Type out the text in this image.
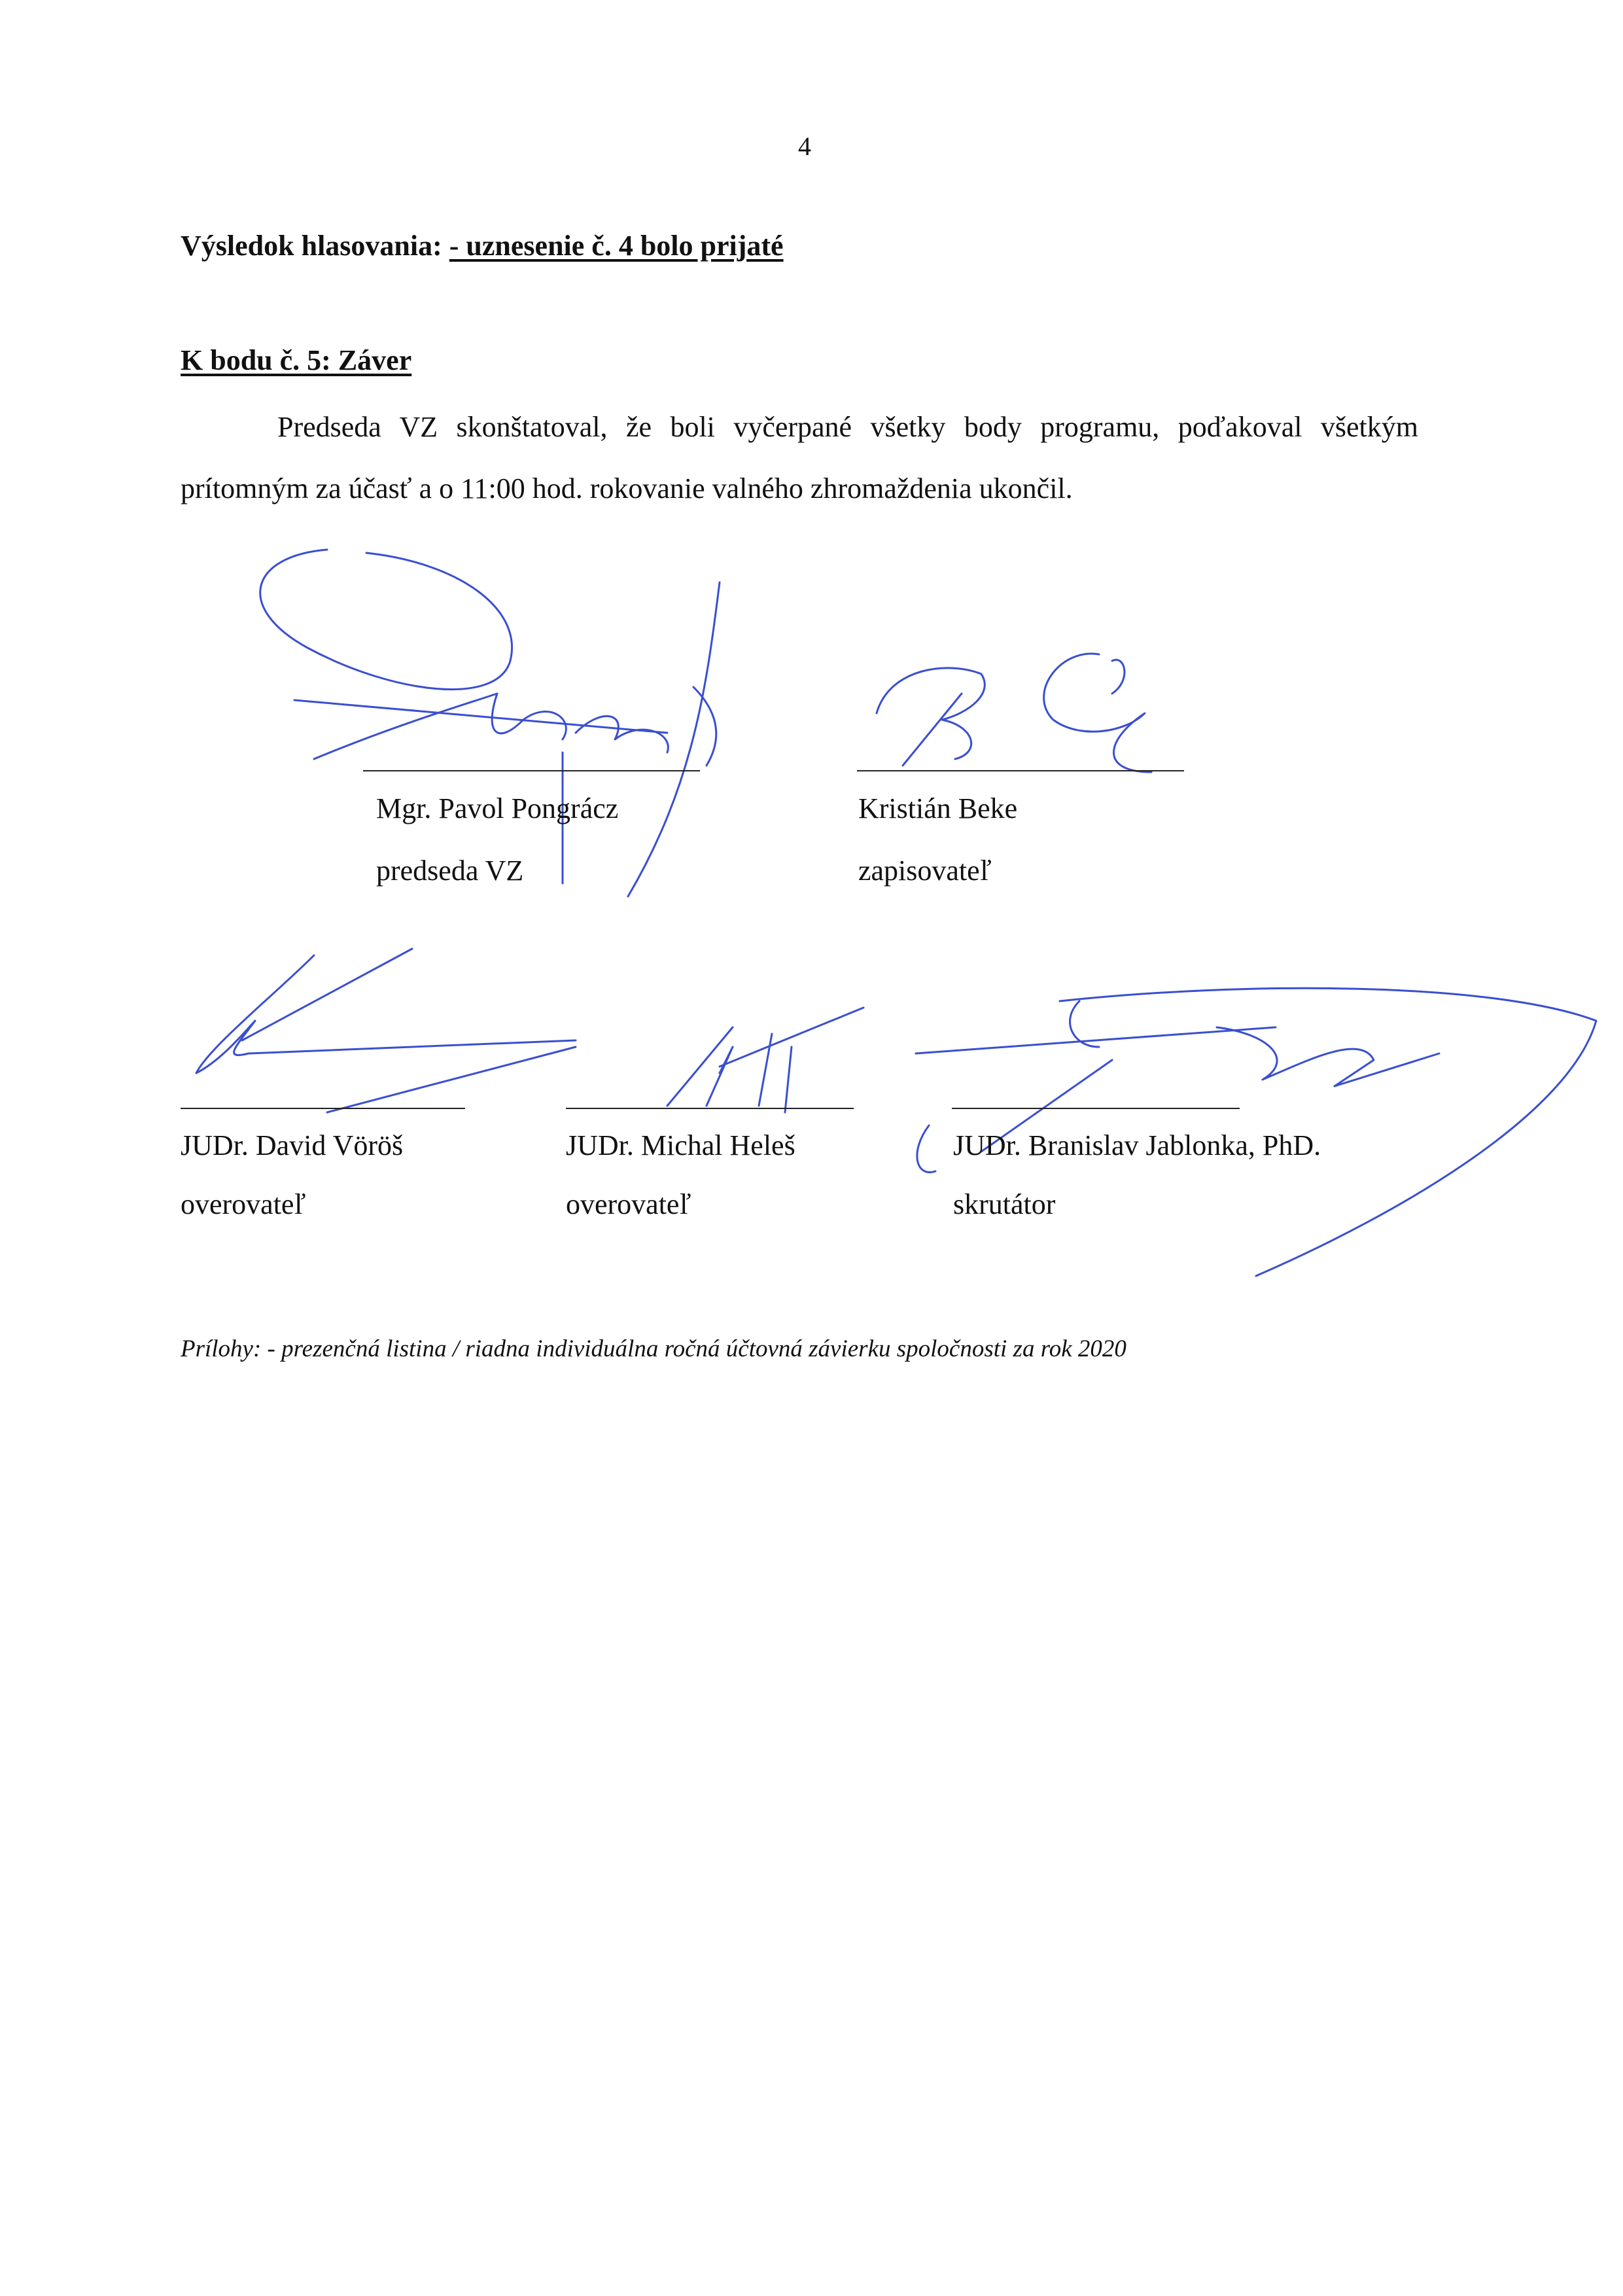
4
Výsledok hlasovania: - uznesenie č. 4 bolo prijaté
K bodu č. 5: Záver
Predseda VZ skonštatoval, že boli vyčerpané všetky body programu, poďakoval všetkým prítomným za účasť a o 11:00 hod. rokovanie valného zhromaždenia ukončil.
Mgr. Pavol Pongrácz
predseda VZ
Kristián Beke
zapisovateľ
JUDr. David Vöröš
overovateľ
JUDr. Michal Heleš
overovateľ
JUDr. Branislav Jablonka, PhD.
skrutátor
Prílohy: - prezenčná listina / riadna individuálna ročná účtovná závierku spoločnosti za rok 2020
